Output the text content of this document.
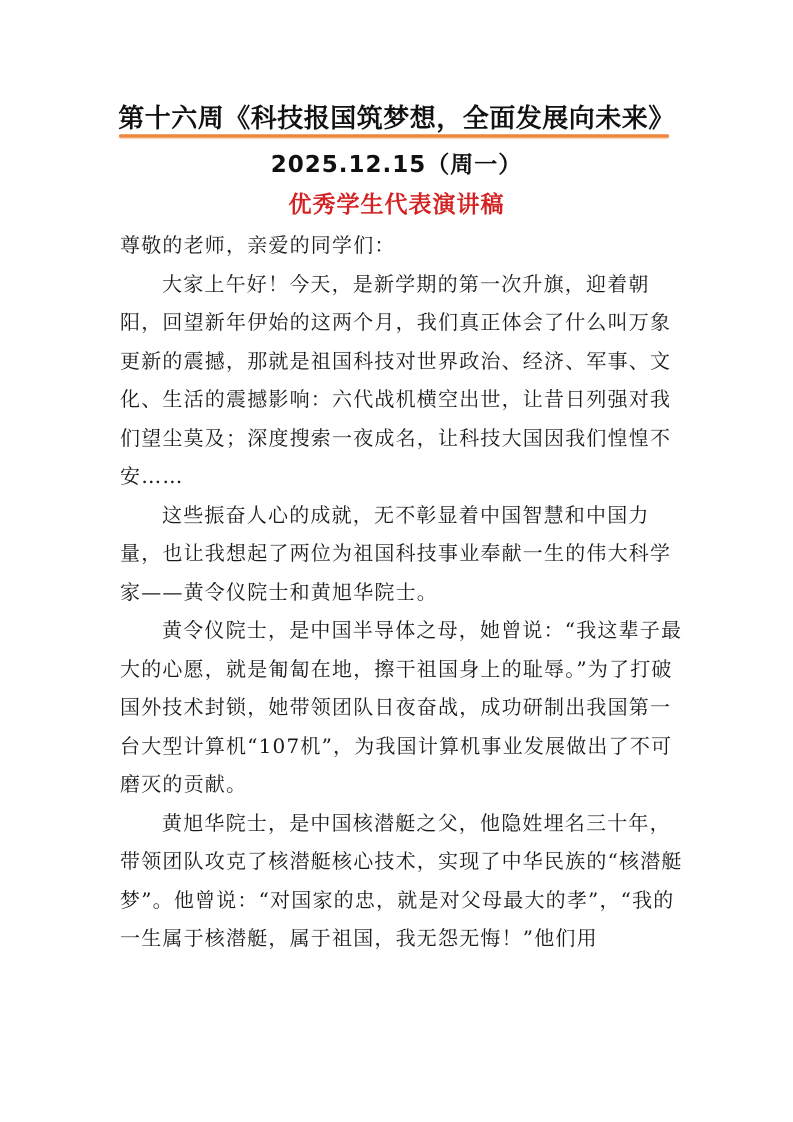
第十六周《科技报国筑梦想，全面发展向未来》
2025.12.15（周一）
优秀学生代表演讲稿

尊敬的老师，亲爱的同学们：

大家上午好！今天，是新学期的第一次升旗，迎着朝阳，回望新年伊始的这两个月，我们真正体会了什么叫万象更新的震撼，那就是祖国科技对世界政治、经济、军事、文化、生活的震撼影响：六代战机横空出世，让昔日列强对我们望尘莫及；深度搜索一夜成名，让科技大国因我们惶惶不安……

这些振奋人心的成就，无不彰显着中国智慧和中国力量，也让我想起了两位为祖国科技事业奉献一生的伟大科学家——黄令仪院士和黄旭华院士。

黄令仪院士，是中国半导体之母，她曾说：“我这辈子最大的心愿，就是匍匐在地，擦干祖国身上的耻辱。”为了打破国外技术封锁，她带领团队日夜奋战，成功研制出我国第一台大型计算机“107机”，为我国计算机事业发展做出了不可磨灭的贡献。

黄旭华院士，是中国核潜艇之父，他隐姓埋名三十年，带领团队攻克了核潜艇核心技术，实现了中华民族的“核潜艇梦”。他曾说：“对国家的忠，就是对父母最大的孝”，“我的一生属于核潜艇，属于祖国，我无怨无悔！”他们用
